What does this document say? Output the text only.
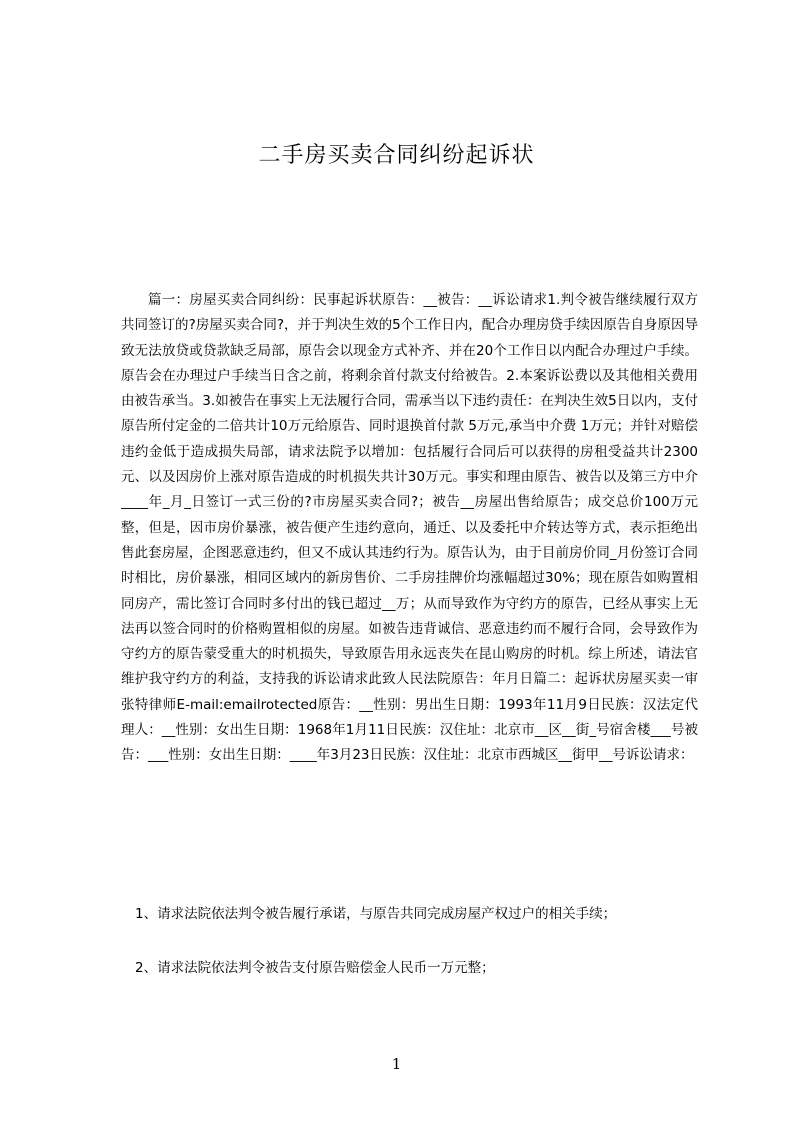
二手房买卖合同纠纷起诉状

篇一：房屋买卖合同纠纷：民事起诉状原告：__被告：__诉讼请求1.判令被告继续履行双方共同签订的?房屋买卖合同?，并于判决生效的5个工作日内，配合办理房贷手续因原告自身原因导致无法放贷或贷款缺乏局部，原告会以现金方式补齐、并在20个工作日以内配合办理过户手续。原告会在办理过户手续当日含之前，将剩余首付款支付给被告。2.本案诉讼费以及其他相关费用由被告承当。3.如被告在事实上无法履行合同，需承当以下违约责任：在判决生效5日以内，支付原告所付定金的二倍共计10万元给原告、同时退换首付款 5万元,承当中介费 1万元；并针对赔偿违约金低于造成损失局部，请求法院予以增加：包括履行合同后可以获得的房租受益共计2300元、以及因房价上涨对原告造成的时机损失共计30万元。事实和理由原告、被告以及第三方中介____年_月_日签订一式三份的?市房屋买卖合同?；被告__房屋出售给原告；成交总价100万元整，但是，因市房价暴涨，被告便产生违约意向，通迁、以及委托中介转达等方式，表示拒绝出售此套房屋，企图恶意违约，但又不成认其违约行为。原告认为，由于目前房价同_月份签订合同时相比，房价暴涨，相同区域内的新房售价、二手房挂牌价均涨幅超过30%；现在原告如购置相同房产，需比签订合同时多付出的钱已超过__万；从而导致作为守约方的原告，已经从事实上无法再以签合同时的价格购置相似的房屋。如被告违背诚信、恶意违约而不履行合同，会导致作为守约方的原告蒙受重大的时机损失，导致原告用永远丧失在昆山购房的时机。综上所述，请法官维护我守约方的利益，支持我的诉讼请求此致人民法院原告：年月日篇二：起诉状房屋买卖一审张特律师E-mail:emailrotected原告：__性别：男出生日期：1993年11月9日民族：汉法定代理人：__性别：女出生日期：1968年1月11日民族：汉住址：北京市__区__街_号宿舍楼___号被告：___性别：女出生日期：____年3月23日民族：汉住址：北京市西城区__街甲__号诉讼请求：

1、请求法院依法判令被告履行承诺，与原告共同完成房屋产权过户的相关手续；

2、请求法院依法判令被告支付原告赔偿金人民币一万元整；

1
